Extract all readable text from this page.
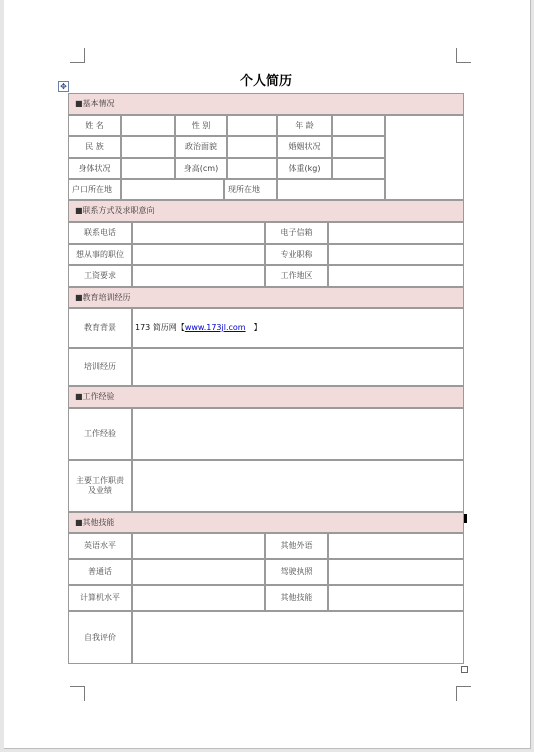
✥	个人简历
■基本情况
姓 名	性 别	年 龄
民 族	政治面貌	婚姻状况
身体状况	身高(cm)	体重(kg)
户口所在地	现所在地
■联系方式及求职意向
联系电话	电子信箱
想从事的职位	专业职称
工资要求	工作地区
■教育培训经历
教育背景	173 简历网【 www.173jl.com 】
培训经历
■工作经验
工作经验
主要工作职责
及业绩
■其他技能
英语水平	其他外语
普通话	驾驶执照
计算机水平	其他技能
自我评价
